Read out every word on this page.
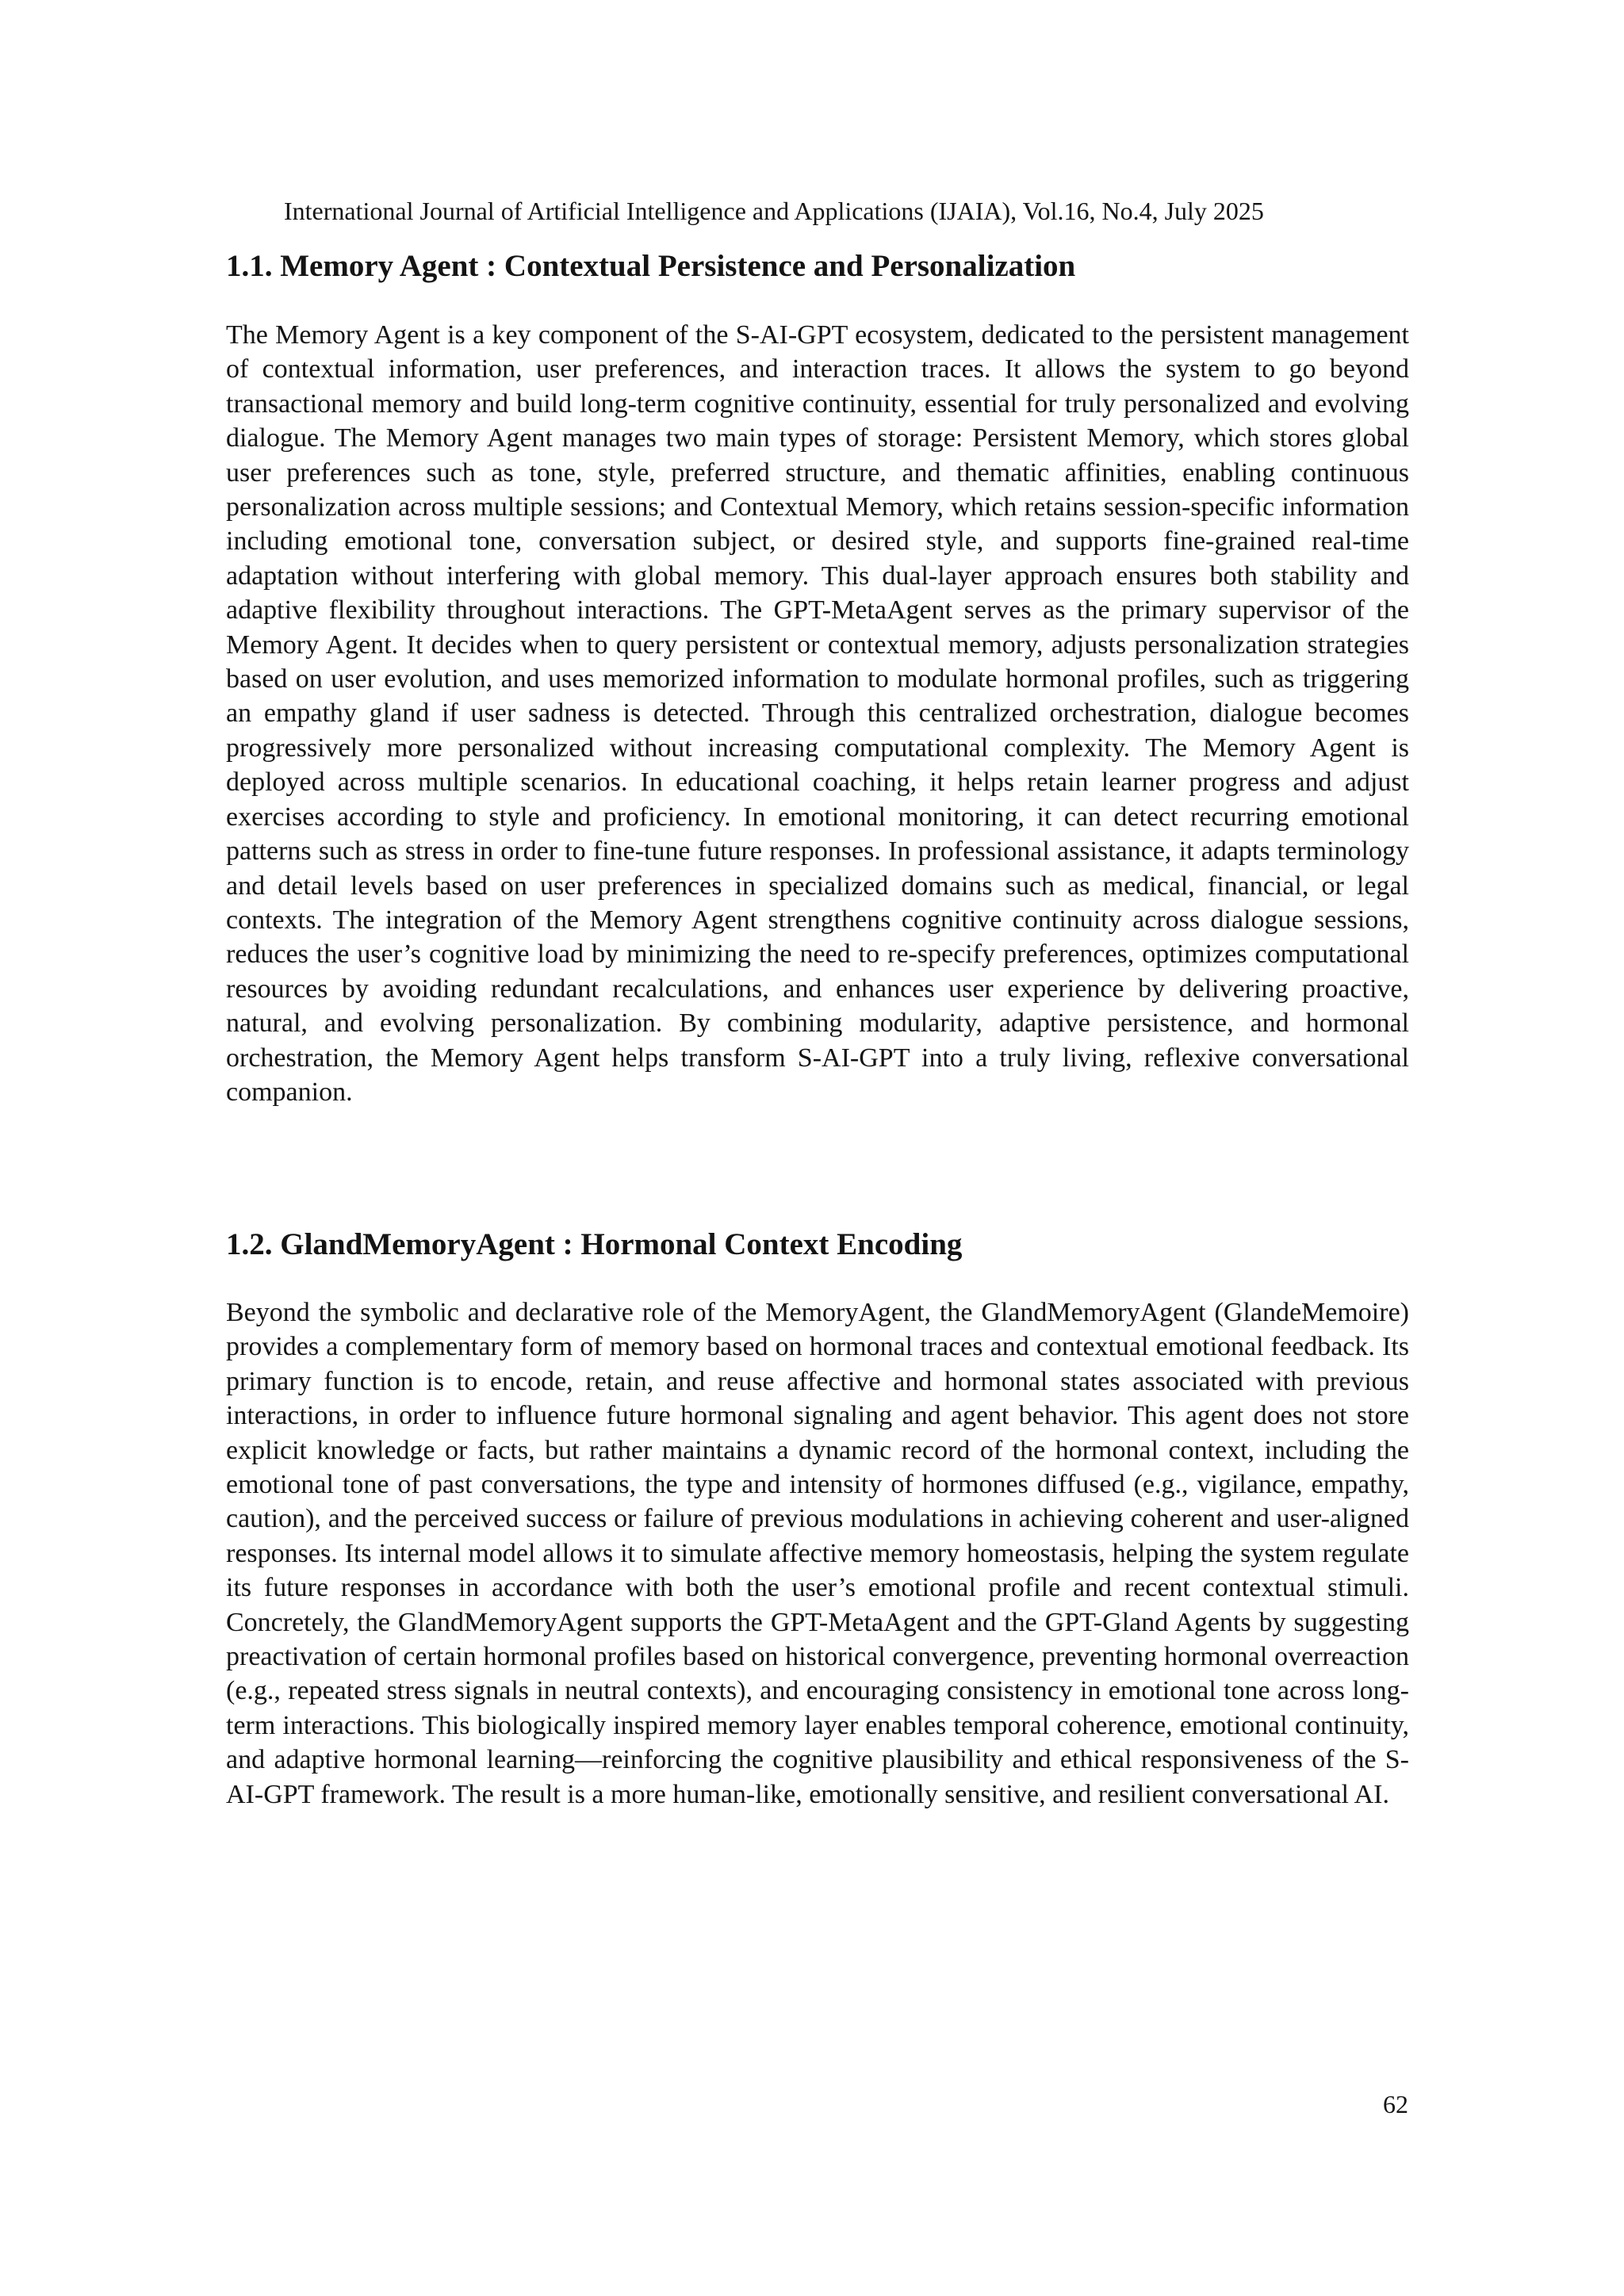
International Journal of Artificial Intelligence and Applications (IJAIA), Vol.16, No.4, July 2025
1.1. Memory Agent : Contextual Persistence and Personalization

The Memory Agent is a key component of the S-AI-GPT ecosystem, dedicated to the persistent management of contextual information, user preferences, and interaction traces. It allows the system to go beyond transactional memory and build long-term cognitive continuity, essential for truly personalized and evolving dialogue. The Memory Agent manages two main types of storage: Persistent Memory, which stores global user preferences such as tone, style, preferred structure, and thematic affinities, enabling continuous personalization across multiple sessions; and Contextual Memory, which retains session-specific information including emotional tone, conversation subject, or desired style, and supports fine-grained real-time adaptation without interfering with global memory. This dual-layer approach ensures both stability and adaptive flexibility throughout interactions. The GPT-MetaAgent serves as the primary supervisor of the Memory Agent. It decides when to query persistent or contextual memory, adjusts personalization strategies based on user evolution, and uses memorized information to modulate hormonal profiles, such as triggering an empathy gland if user sadness is detected. Through this centralized orchestration, dialogue becomes progressively more personalized without increasing computational complexity. The Memory Agent is deployed across multiple scenarios. In educational coaching, it helps retain learner progress and adjust exercises according to style and proficiency. In emotional monitoring, it can detect recurring emotional patterns such as stress in order to fine-tune future responses. In professional assistance, it adapts terminology and detail levels based on user preferences in specialized domains such as medical, financial, or legal contexts. The integration of the Memory Agent strengthens cognitive continuity across dialogue sessions, reduces the user’s cognitive load by minimizing the need to re-specify preferences, optimizes computational resources by avoiding redundant recalculations, and enhances user experience by delivering proactive, natural, and evolving personalization. By combining modularity, adaptive persistence, and hormonal orchestration, the Memory Agent helps transform S-AI-GPT into a truly living, reflexive conversational companion.

1.2. GlandMemoryAgent : Hormonal Context Encoding

Beyond the symbolic and declarative role of the MemoryAgent, the GlandMemoryAgent (GlandeMemoire) provides a complementary form of memory based on hormonal traces and contextual emotional feedback. Its primary function is to encode, retain, and reuse affective and hormonal states associated with previous interactions, in order to influence future hormonal signaling and agent behavior. This agent does not store explicit knowledge or facts, but rather maintains a dynamic record of the hormonal context, including the emotional tone of past conversations, the type and intensity of hormones diffused (e.g., vigilance, empathy, caution), and the perceived success or failure of previous modulations in achieving coherent and user-aligned responses. Its internal model allows it to simulate affective memory homeostasis, helping the system regulate its future responses in accordance with both the user’s emotional profile and recent contextual stimuli. Concretely, the GlandMemoryAgent supports the GPT-MetaAgent and the GPT-Gland Agents by suggesting preactivation of certain hormonal profiles based on historical convergence, preventing hormonal overreaction (e.g., repeated stress signals in neutral contexts), and encouraging consistency in emotional tone across long-term interactions. This biologically inspired memory layer enables temporal coherence, emotional continuity, and adaptive hormonal learning—reinforcing the cognitive plausibility and ethical responsiveness of the S-AI-GPT framework. The result is a more human-like, emotionally sensitive, and resilient conversational AI.

62
